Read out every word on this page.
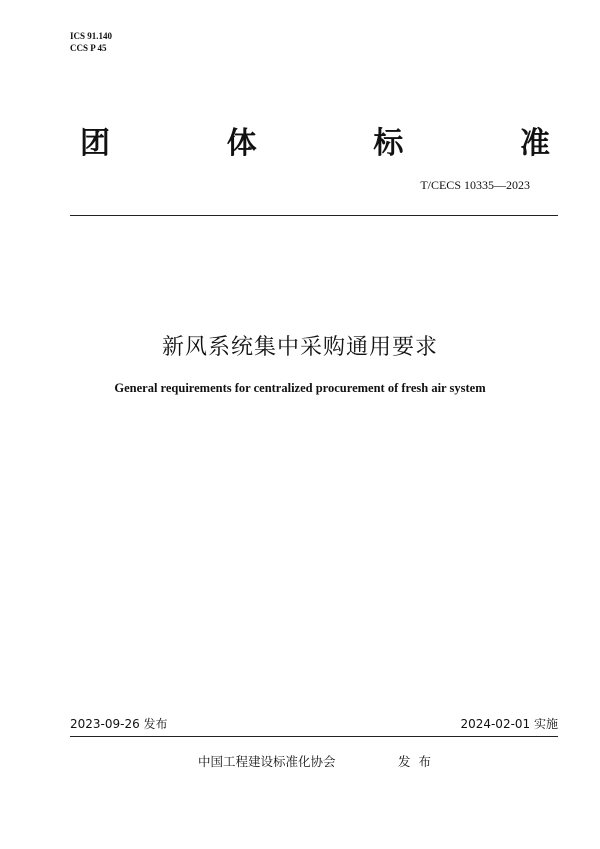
ICS 91.140
CCS P 45
团	体	标	准
T/CECS 10335—2023
新风系统集中采购通用要求
General requirements for centralized procurement of fresh air system
2023-09-26 发布	2024-02-01 实施
中国工程建设标准化协会	发布
